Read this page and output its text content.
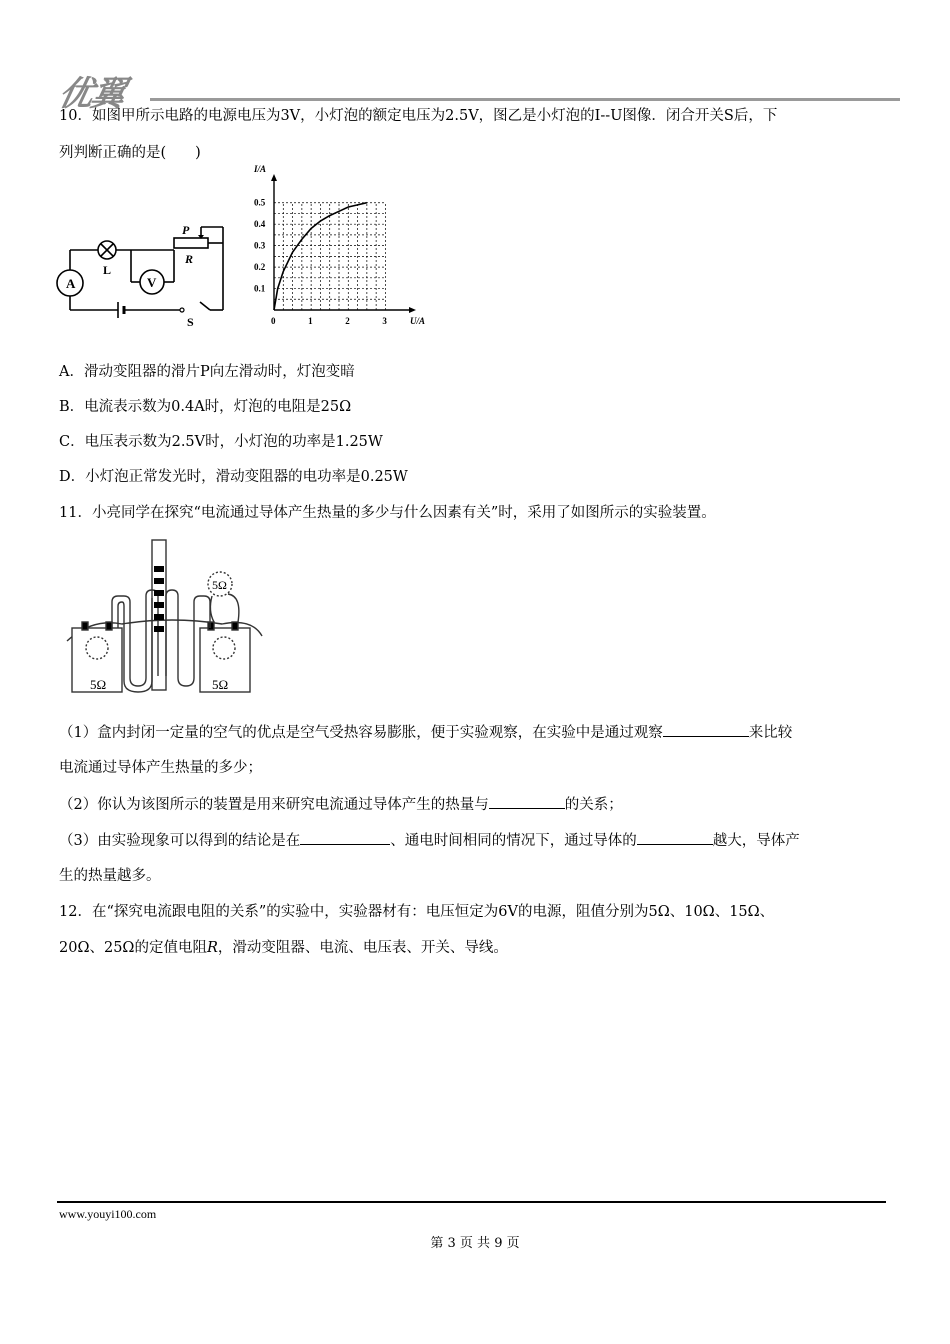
优翼
10．如图甲所示电路的电源电压为3V，小灯泡的额定电压为2.5V，图乙是小灯泡的I--U图像．闭合开关S后，下
列判断正确的是(　　)
A	V
L
P
R
S
I/A
U/A
0	1	2	3
0.1
0.2
0.3
0.4
0.5
A．滑动变阻器的滑片P向左滑动时，灯泡变暗
B．电流表示数为0.4A时，灯泡的电阻是25Ω
C．电压表示数为2.5V时，小灯泡的功率是1.25W
D．小灯泡正常发光时，滑动变阻器的电功率是0.25W
11．小亮同学在探究“电流通过导体产生热量的多少与什么因素有关”时，采用了如图所示的实验装置。
5Ω	5Ω
5Ω
（1）盒内封闭一定量的空气的优点是空气受热容易膨胀，便于实验观察，在实验中是通过观察	来比较
电流通过导体产生热量的多少；
（2）你认为该图所示的装置是用来研究电流通过导体产生的热量与	的关系；
（3）由实验现象可以得到的结论是在	、通电时间相同的情况下，通过导体的	越大，导体产
生的热量越多。
12．在“探究电流跟电阻的关系”的实验中，实验器材有：电压恒定为6V的电源，阻值分别为5Ω、10Ω、15Ω、
20Ω、25Ω的定值电阻R，滑动变阻器、电流、电压表、开关、导线。
www.youyi100.com
第 3 页 共 9 页
